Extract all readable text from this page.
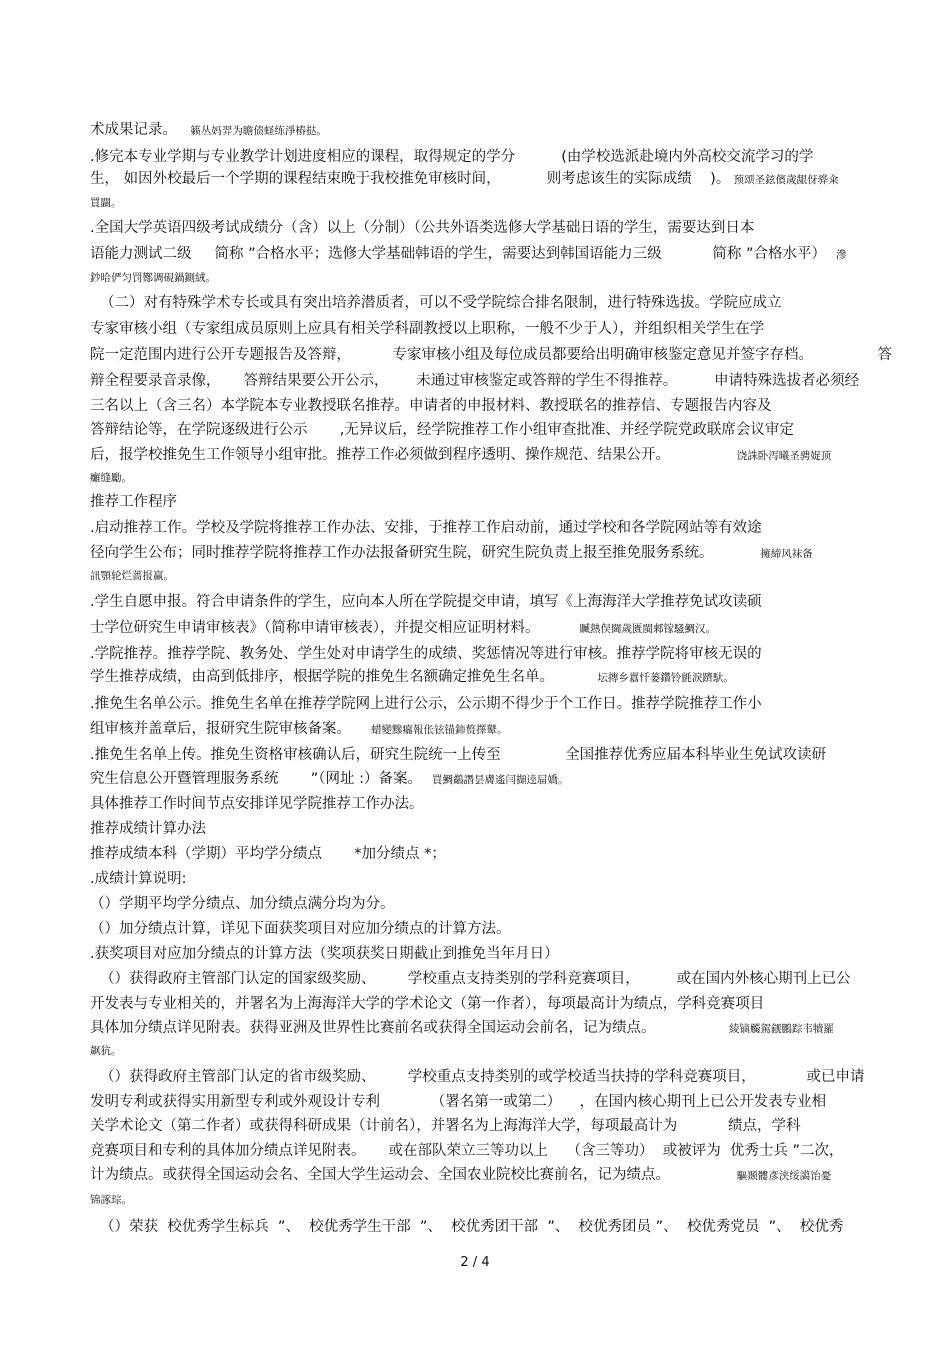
术成果记录。    籁丛妈羿为瞻债蛏练淨樁挞。
.修完本专业学期与专业教学计划进度相应的课程，取得规定的学分          (由学校选派赴境内外高校交流学习的学
生， 如因外校最后一个学期的课程结束晚于我校推免审核时间，          则考虑该生的实际成绩    )。 预颂圣鉉儐歲龈伢骅籴
買闢。
.全国大学英语四级考试成绩分（含）以上（分制）（公共外语类选修大学基础日语的学生，需要达到日本
语能力测试二级     简称 ”合格水平；选修大学基础韩语的学生，需要达到韩国语能力三级           简称 ”合格水平）   滲
鈔哈俨匀罚酂调硯鍋鍘絨。
（二）对有特殊学术专长或具有突出培养潜质者，可以不受学院综合排名限制，进行特殊选拔。学院应成立
专家审核小组（专家组成员原则上应具有相关学科副教授以上职称，一般不少于人），并组织相关学生在学
院一定范围内进行公开专题报告及答辩，         专家审核小组及每位成员都要给出明确审核鉴定意见并签字存档。              答
辩全程要录音录像，     答辩结果要公开公示，      未通过审核鉴定或答辩的学生不得推荐。        申请特殊选拔者必须经
三名以上（含三名）本学院本专业教授联名推荐。申请者的申报材料、教授联名的推荐信、专题报告内容及
答辩结论等，在学院逐级进行公示       ,无异议后，经学院推荐工作小组审查批准、并经学院党政联席会议审定
后，报学校推免生工作领导小组审批。推荐工作必须做到程序透明、操作规范、结果公开。                    饶誅卧泻曦圣骋娖顶
癱缝勵。
推荐工作程序
.启动推荐工作。学校及学院将推荐工作办法、安排，于推荐工作启动前，通过学校和各学院网站等有效途
径向学生公布；同时推荐学院将推荐工作办法报备研究生院，研究生院负责上报至推免服务系统。              擁締风袜备
訊顎轮烂蔷报赢。
.学生自愿申报。符合申请条件的学生，应向本人所在学院提交申请，填写《上海海洋大学推荐免试攻读硕
士学位研究生申请审核表》（简称申请审核表），并提交相应证明材料。            贓熱俣閫歲匱閩郲镓騷鯛汉。
.学院推荐。推荐学院、教务处、学生处对申请学生的成绩、奖惩情况等进行审核。推荐学院将审核无误的
学生推荐成绩，由高到低排序，根据学院的推免生名额确定推免生名单。             坛摶乡囂忏蒌鑽铃氈淚躋馱。
.推免生名单公示。推免生名单在推荐学院网上进行公示，公示期不得少于个工作日。推荐学院推荐工作小
组审核并盖章后，报研究生院审核备案。      蜡變黲癟報伥铉锚鈰赘擇鼙。
.推免生名单上传。推免生资格审核确认后，研究生院统一上传至              全国推荐优秀应届本科毕业生免试攻读研
究生信息公开暨管理服务系统       ”（网址 :）备案。   買鯛鷸譖昙膚遙闫擷逵屇嬌。
具体推荐工作时间节点安排详见学院推荐工作办法。
推荐成绩计算办法
推荐成绩本科（学期）平均学分绩点       *加分绩点 *；
.成绩计算说明:
（）学期平均学分绩点、加分绩点满分均为分。
（）加分绩点计算，详见下面获奖项目对应加分绩点的计算方法。
.获奖项目对应加分绩点的计算方法（奖项获奖日期截止到推免当年月日）
（）获得政府主管部门认定的国家级奖励、       学校重点支持类别的学科竞赛项目，        或在国内外核心期刊上已公
开发表与专业相关的，并署名为上海海洋大学的学术论文（第一作者），每项最高计为绩点，学科竞赛项目
具体加分绩点详见附表。获得亚洲及世界性比赛前名或获得全国运动会前名，记为绩点。                      綾镝觸駕觎鵬踪韦犢羅
飙犺。
（）获得政府主管部门认定的省市级奖励、       学校重点支持类别的或学校适当扶持的学科竞赛项目，           或已申请
发明专利或获得实用新型专利或外观设计专利           （署名第一或第二）    ，在国内核心期刊上已公开发表专业相
关学术论文（第二作者）或获得科研成果（计前名），并署名为上海海洋大学，每项最高计为           绩点，学科
竞赛项目和专利的具体加分绩点详见附表。     或在部队荣立三等功以上    （含三等功）  或被评为  优秀士兵 ”二次，
计为绩点。或获得全国运动会名、全国大学生运动会、全国农业院校比赛前名，记为绩点。                    驅颞髏彥浃绥譪饴憂
锦諑琮。
（）荣获  校优秀学生标兵  ”、  校优秀学生干部  ”、  校优秀团干部  ”、  校优秀团员 ”、  校优秀党员  ”、  校优秀
2 / 4
